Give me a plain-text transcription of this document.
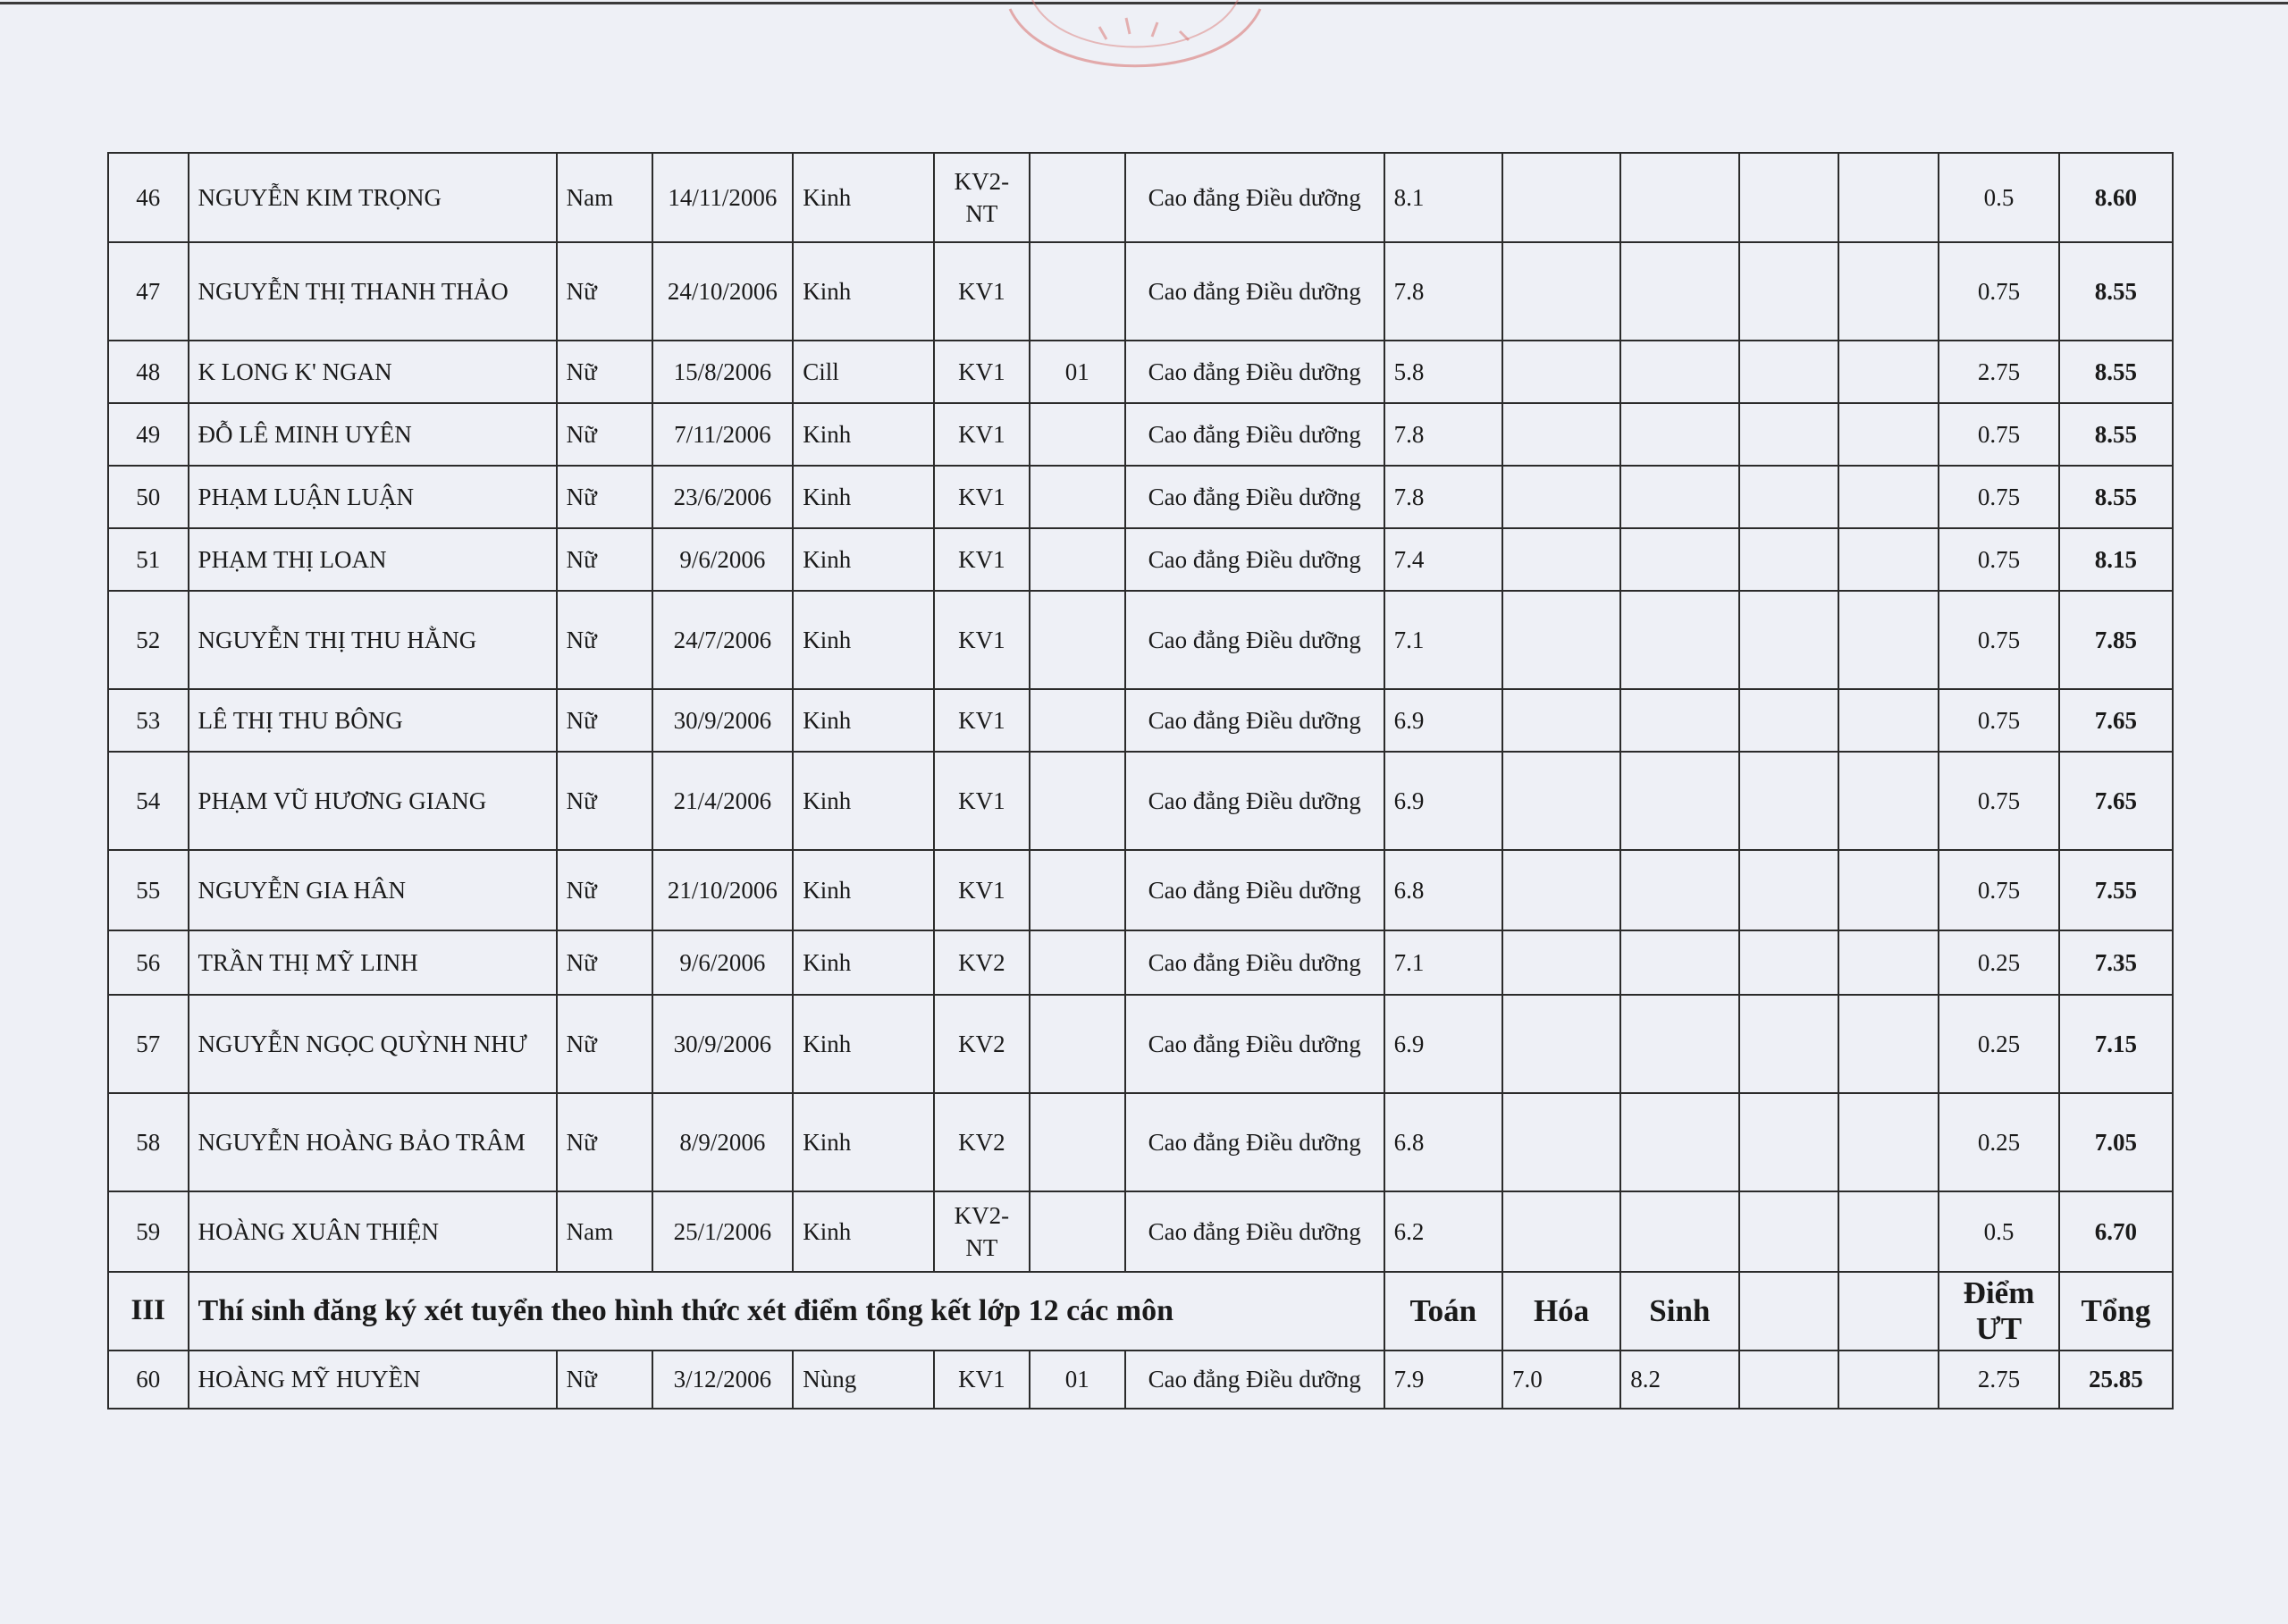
46	NGUYỄN KIM TRỌNG	Nam	14/11/2006	Kinh	KV2-NT		Cao đẳng Điều dưỡng	8.1					0.5	8.60
47	NGUYỄN THỊ THANH THẢO	Nữ	24/10/2006	Kinh	KV1		Cao đẳng Điều dưỡng	7.8					0.75	8.55
48	K LONG K' NGAN	Nữ	15/8/2006	Cill	KV1	01	Cao đẳng Điều dưỡng	5.8					2.75	8.55
49	ĐỖ LÊ MINH UYÊN	Nữ	7/11/2006	Kinh	KV1		Cao đẳng Điều dưỡng	7.8					0.75	8.55
50	PHẠM LUẬN LUẬN	Nữ	23/6/2006	Kinh	KV1		Cao đẳng Điều dưỡng	7.8					0.75	8.55
51	PHẠM THỊ LOAN	Nữ	9/6/2006	Kinh	KV1		Cao đẳng Điều dưỡng	7.4					0.75	8.15
52	NGUYỄN THỊ THU HẰNG	Nữ	24/7/2006	Kinh	KV1		Cao đẳng Điều dưỡng	7.1					0.75	7.85
53	LÊ THỊ THU BÔNG	Nữ	30/9/2006	Kinh	KV1		Cao đẳng Điều dưỡng	6.9					0.75	7.65
54	PHẠM VŨ HƯƠNG GIANG	Nữ	21/4/2006	Kinh	KV1		Cao đẳng Điều dưỡng	6.9					0.75	7.65
55	NGUYỄN GIA HÂN	Nữ	21/10/2006	Kinh	KV1		Cao đẳng Điều dưỡng	6.8					0.75	7.55
56	TRẦN THỊ MỸ LINH	Nữ	9/6/2006	Kinh	KV2		Cao đẳng Điều dưỡng	7.1					0.25	7.35
57	NGUYỄN NGỌC QUỲNH NHƯ	Nữ	30/9/2006	Kinh	KV2		Cao đẳng Điều dưỡng	6.9					0.25	7.15
58	NGUYỄN HOÀNG BẢO TRÂM	Nữ	8/9/2006	Kinh	KV2		Cao đẳng Điều dưỡng	6.8					0.25	7.05
59	HOÀNG XUÂN THIỆN	Nam	25/1/2006	Kinh	KV2-NT		Cao đẳng Điều dưỡng	6.2					0.5	6.70
III	Thí sinh đăng ký xét tuyển theo hình thức xét điểm tổng kết lớp 12 các môn							Toán	Hóa	Sinh			Điểm ƯT	Tổng
60	HOÀNG MỸ HUYỀN	Nữ	3/12/2006	Nùng	KV1	01	Cao đẳng Điều dưỡng	7.9	7.0	8.2			2.75	25.85
